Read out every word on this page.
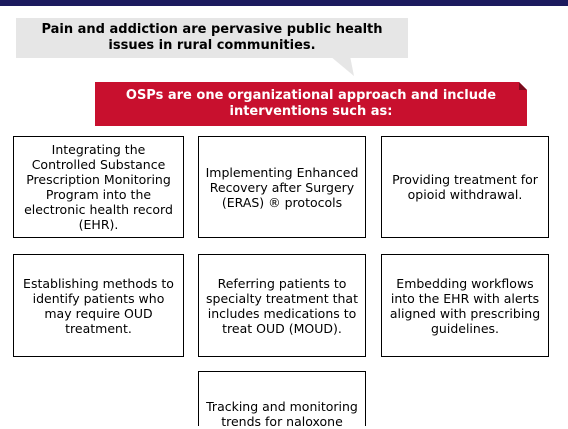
Pain and addiction are pervasive public health
issues in rural communities.
OSPs are one organizational approach and include
interventions such as:
Integrating the Controlled Substance Prescription Monitoring Program into the electronic health record (EHR).
Implementing Enhanced Recovery after Surgery (ERAS) ® protocols
Providing treatment for opioid withdrawal.
Establishing methods to identify patients who may require OUD treatment.
Referring patients to specialty treatment that includes medications to treat OUD (MOUD).
Embedding workflows into the EHR with alerts aligned with prescribing guidelines.
Tracking and monitoring trends for naloxone
